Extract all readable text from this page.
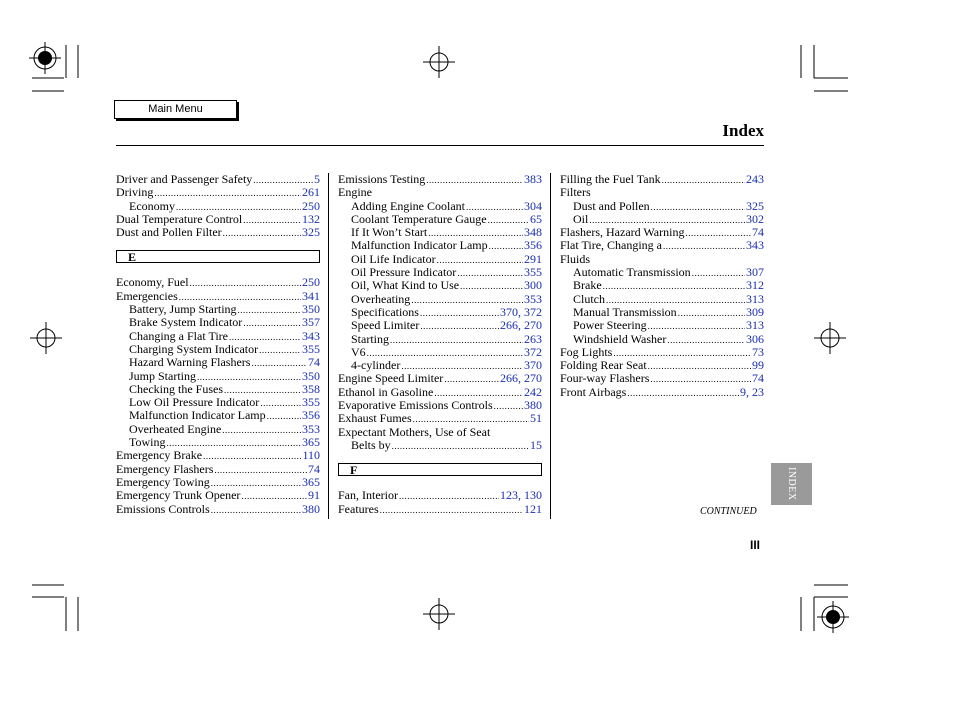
Main Menu
Index
Driver and Passenger Safety .....	5
Driving .....	261
Economy .....	250
Dual Temperature Control .....	132
Dust and Pollen Filter .....	325
E
Economy, Fuel .....	250
Emergencies .....	341
Battery, Jump Starting .....	350
Brake System Indicator .....	357
Changing a Flat Tire .....	343
Charging System Indicator .....	355
Hazard Warning Flashers .....	74
Jump Starting .....	350
Checking the Fuses .....	358
Low Oil Pressure Indicator .....	355
Malfunction Indicator Lamp .....	356
Overheated Engine .....	353
Towing .....	365
Emergency Brake .....	110
Emergency Flashers .....	74
Emergency Towing .....	365
Emergency Trunk Opener .....	91
Emissions Controls .....	380
Emissions Testing .....	383
Engine
Adding Engine Coolant .....	304
Coolant Temperature Gauge .....	65
If It Won’t Start .....	348
Malfunction Indicator Lamp .....	356
Oil Life Indicator .....	291
Oil Pressure Indicator .....	355
Oil, What Kind to Use .....	300
Overheating .....	353
Specifications .....	370, 372
Speed Limiter .....	266, 270
Starting .....	263
V6 .....	372
4-cylinder .....	370
Engine Speed Limiter .....	266, 270
Ethanol in Gasoline .....	242
Evaporative Emissions Controls .....	380
Exhaust Fumes .....	51
Expectant Mothers, Use of Seat
Belts by .....	15
F
Fan, Interior .....	123, 130
Features .....	121
Filling the Fuel Tank .....	243
Filters
Dust and Pollen .....	325
Oil .....	302
Flashers, Hazard Warning .....	74
Flat Tire, Changing a .....	343
Fluids
Automatic Transmission .....	307
Brake .....	312
Clutch .....	313
Manual Transmission .....	309
Power Steering .....	313
Windshield Washer .....	306
Fog Lights .....	73
Folding Rear Seat .....	99
Four-way Flashers .....	74
Front Airbags .....	9, 23
INDEX
CONTINUED
III
